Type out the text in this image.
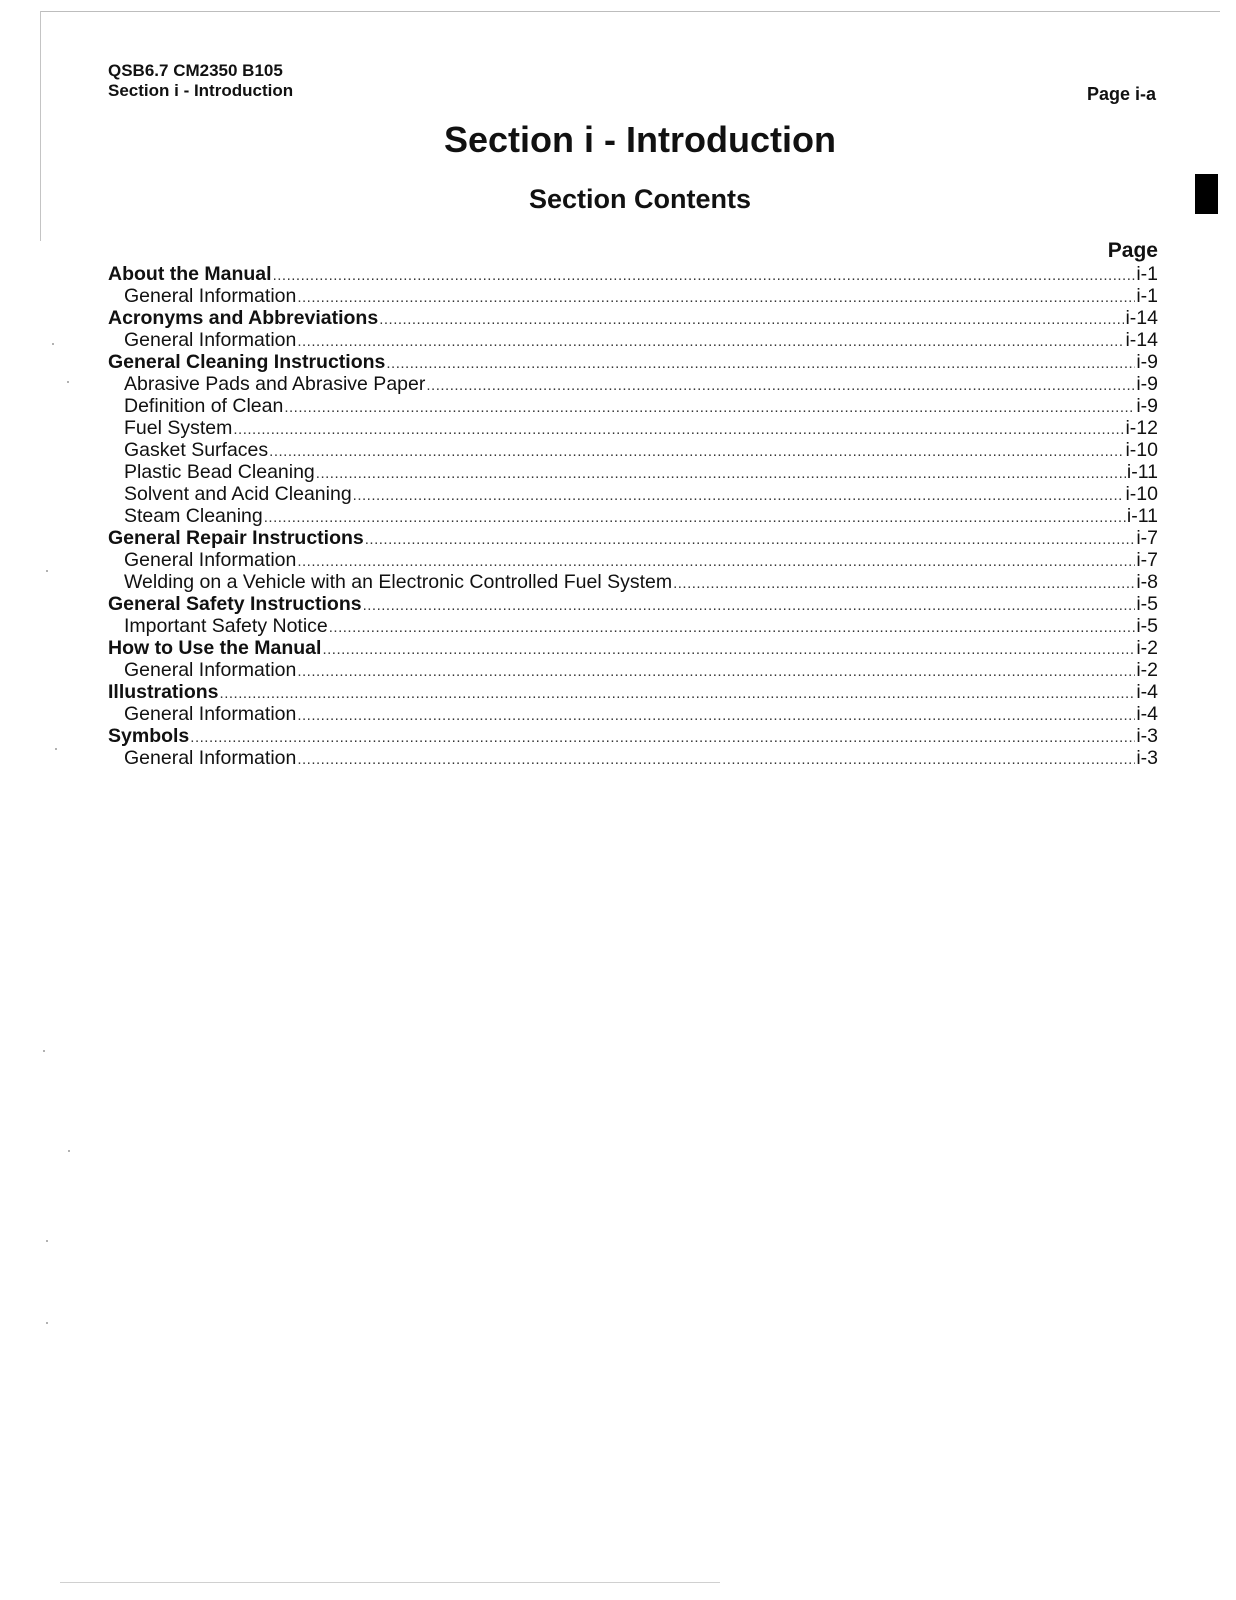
QSB6.7 CM2350 B105
Section i - Introduction	Page i-a
Section i - Introduction
Section Contents
Page
About the Manual .....	i-1
General Information .....	i-1
Acronyms and Abbreviations .....	i-14
General Information .....	i-14
General Cleaning Instructions .....	i-9
Abrasive Pads and Abrasive Paper .....	i-9
Definition of Clean .....	i-9
Fuel System .....	i-12
Gasket Surfaces .....	i-10
Plastic Bead Cleaning .....	i-11
Solvent and Acid Cleaning .....	i-10
Steam Cleaning .....	i-11
General Repair Instructions .....	i-7
General Information .....	i-7
Welding on a Vehicle with an Electronic Controlled Fuel System .....	i-8
General Safety Instructions .....	i-5
Important Safety Notice .....	i-5
How to Use the Manual .....	i-2
General Information .....	i-2
Illustrations .....	i-4
General Information .....	i-4
Symbols .....	i-3
General Information .....	i-3
